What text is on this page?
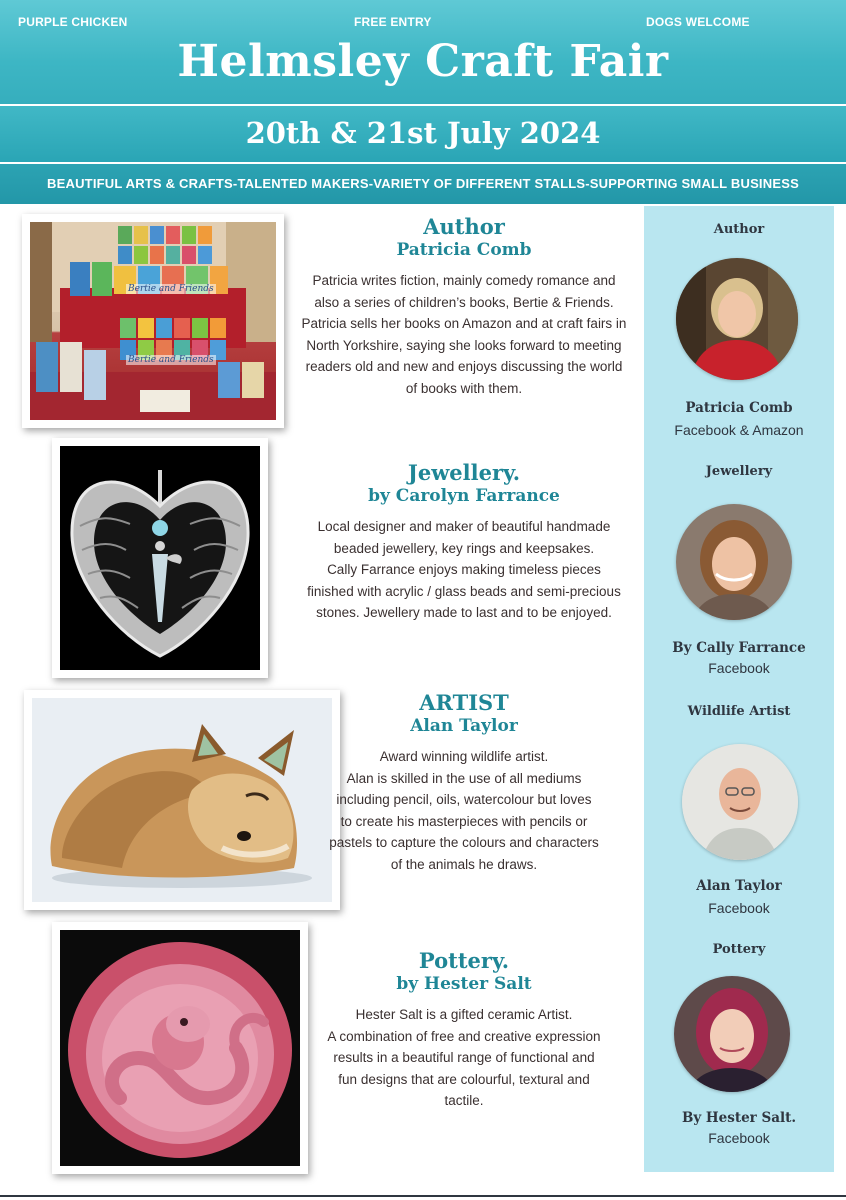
PURPLE CHICKEN	FREE ENTRY	DOGS WELCOME
Helmsley Craft Fair
20th & 21st July 2024
BEAUTIFUL ARTS & CRAFTS-TALENTED MAKERS-VARIETY OF DIFFERENT STALLS-SUPPORTING SMALL BUSINESS
Bertie and Friends
Bertie and Friends
Author
Patricia Comb
Patricia writes fiction, mainly comedy romance and
also a series of children’s books, Bertie & Friends.
Patricia sells her books on Amazon and at craft fairs in
North Yorkshire, saying she looks forward to meeting
readers old and new and enjoys discussing the world
of books with them.
Jewellery.
by Carolyn Farrance
Local designer and maker of beautiful handmade
beaded jewellery, key rings and keepsakes.
Cally Farrance enjoys making timeless pieces
finished with acrylic / glass beads and semi-precious
stones. Jewellery made to last and to be enjoyed.
ARTIST
Alan Taylor
Award winning wildlife artist.
Alan is skilled in the use of all mediums
including pencil, oils, watercolour but loves
to create his masterpieces with pencils or
pastels to capture the colours and characters
of the animals he draws.
Pottery.
by Hester Salt
Hester Salt is a gifted ceramic Artist.
A combination of free and creative expression
results in a beautiful range of functional and
fun designs that are colourful, textural and
tactile.
Author
Patricia Comb
Facebook & Amazon
Jewellery
By Cally Farrance
Facebook
Wildlife Artist
Alan Taylor
Facebook
Pottery
By Hester Salt.
Facebook
